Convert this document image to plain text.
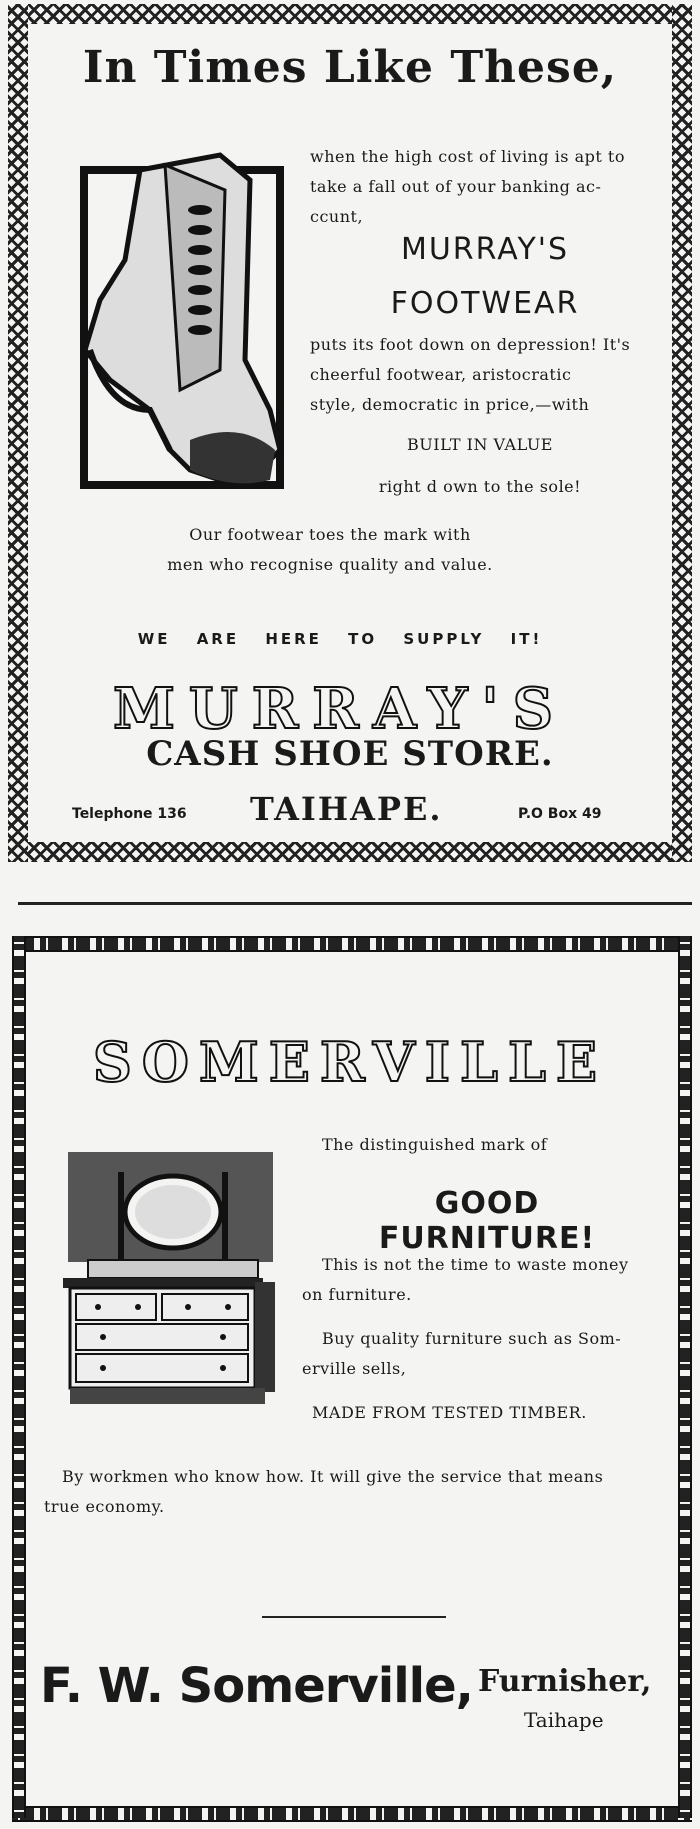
In Times Like These,
when the high cost of living is apt to
take a fall out of your banking ac-
ccunt,
MURRAY'S
FOOTWEAR
puts its foot down on depression! It's
cheerful footwear, aristocratic
style, democratic in price,—with
BUILT IN VALUE
right d own to the sole!
Our footwear toes the mark with
men who recognise quality and value.
WE ARE HERE TO SUPPLY IT!
MURRAY'S
CASH SHOE STORE.
Telephone 136 TAIHAPE.	P.O Box 49
SOMERVILLE
The distinguished mark of
GOOD FURNITURE!
This is not the time to waste money
on furniture.
Buy quality furniture such as Som-
erville sells,
MADE FROM TESTED TIMBER.
By workmen who know how. It will give the service that means
true economy.
F. W. Somerville, Furnisher,
Taihape
